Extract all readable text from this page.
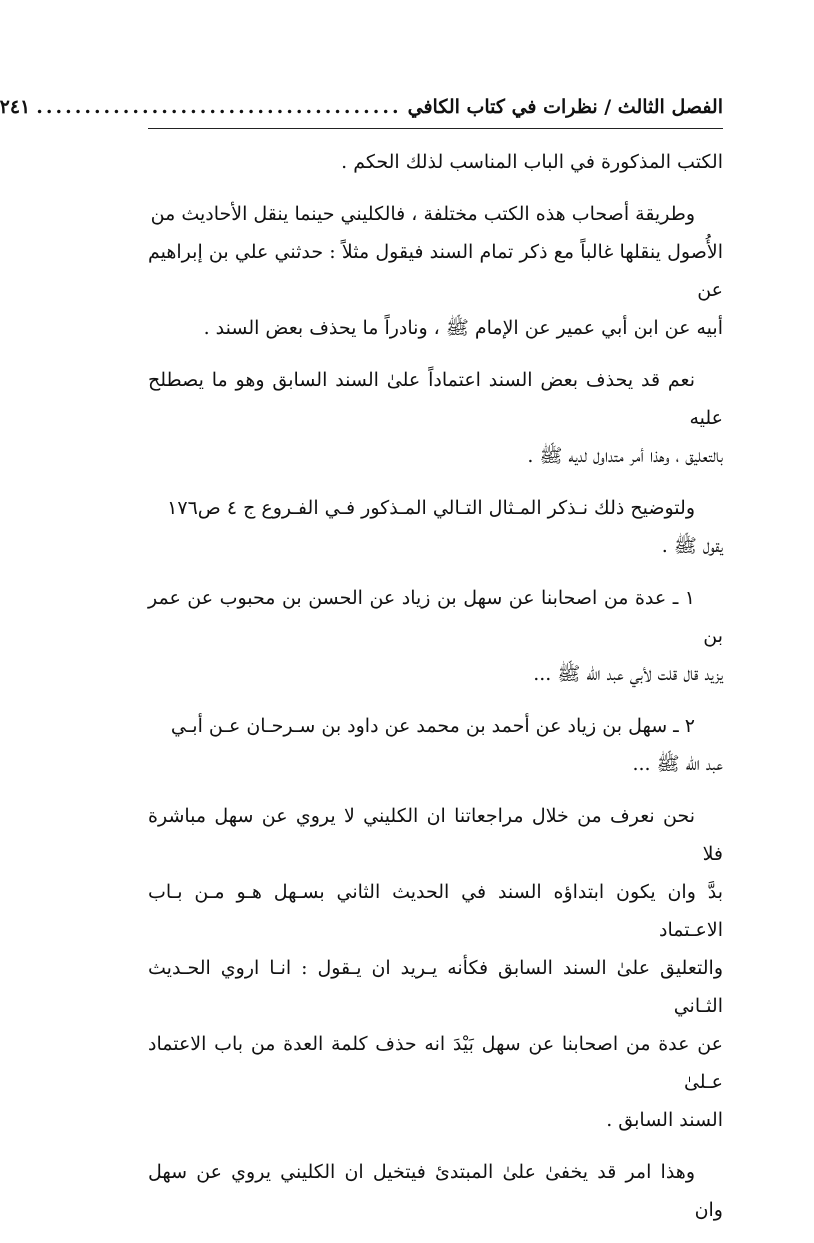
الفصل الثالث / نظرات في كتاب الكافي
......................................
٢٤١

الكتب المذكورة في الباب المناسب لذلك الحكم .

وطريقة أصحاب هذه الكتب مختلفة ، فالكليني حينما ينقل الأحاديث من
الأُصول ينقلها غالباً مع ذكر تمام السند فيقول مثلاً : حدثني علي بن إبراهيم عن
أبيه عن ابن أبي عمير عن الإمام ﷺ ، ونادراً ما يحذف بعض السند .

نعم قد يحذف بعض السند اعتماداً علىٰ السند السابق وهو ما يصطلح عليه
بالتعليق ، وهذا أمر متداول لديه ﷺ .

ولتوضيح ذلك نـذكر المـثال التـالي المـذكور فـي الفـروع ج ٤ ص١٧٦
يقول ﷺ .

١ ـ عدة من اصحابنا عن سهل بن زياد عن الحسن بن محبوب عن عمر بن
يزيد قال قلت لأبي عبد الله ﷺ ...

٢ ـ سهل بن زياد عن أحمد بن محمد عن داود بن سـرحـان عـن أبـي
عبد الله ﷺ ...

نحن نعرف من خلال مراجعاتنا ان الكليني لا يروي عن سهل مباشرة فلا
بدَّ وان يكون ابتداؤه السند في الحديث الثاني بسـهل هـو مـن بـاب الاعـتماد
والتعليق علىٰ السند السابق فكأنه يـريد ان يـقول : انـا اروي الحـديث الثـاني
عن عدة من اصحابنا عن سهل بَيْدَ انه حذف كلمة العدة من باب الاعتماد عـلىٰ
السند السابق .

وهذا امر قد يخفىٰ علىٰ المبتدئ فيتخيل ان الكليني يروي عن سهل وان
